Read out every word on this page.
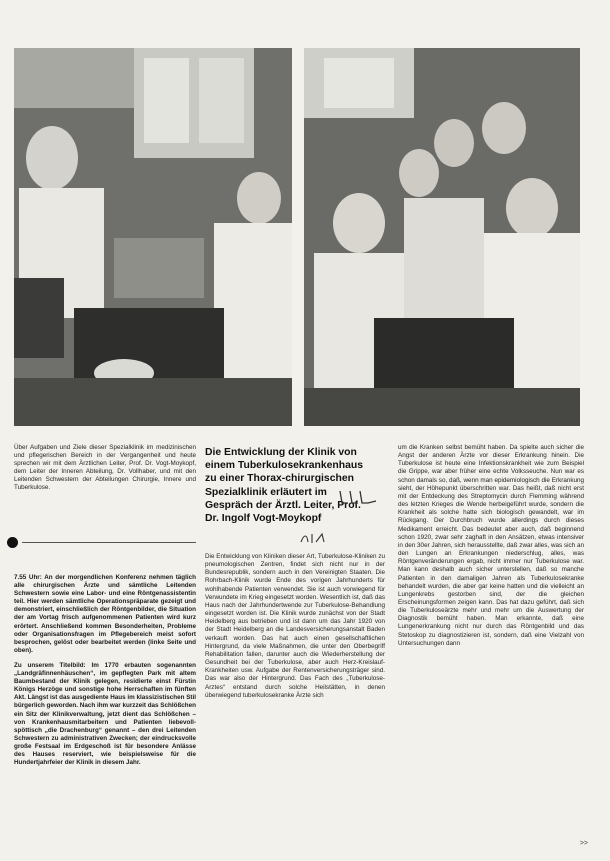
Über Aufgaben und Ziele dieser Spezialklinik im medizinischen und pflegerischen Bereich in der Vergangenheit und heute sprechen wir mit dem Ärztlichen Leiter, Prof. Dr. Vogt-Moykopf, dem Leiter der Inneren Abteilung, Dr. Vollhaber, und mit den Leitenden Schwestern der Abteilungen Chirurgie, Innere und Tuberkulose.

7.55 Uhr: An der morgendlichen Konferenz nehmen täglich alle chirurgischen Ärzte und sämtliche Leitenden Schwestern sowie eine Labor- und eine Röntgenassistentin teil. Hier werden sämtliche Operationspräparate gezeigt und demonstriert, einschließlich der Röntgenbilder, die Situation der am Vortag frisch aufgenommenen Patienten wird kurz erörtert. Anschließend kommen Besonderheiten, Probleme oder Organisationsfragen im Pflegebereich meist sofort besprochen, gelöst oder bearbeitet werden (linke Seite und oben).

Zu unserem Titelbild: Im 1770 erbauten sogenannten „Landgräfinnenhäuschen“, im gepflegten Park mit altem Baumbestand der Klinik gelegen, residierte einst Fürstin Königs Herzöge und sonstige hohe Herrschaften im fünften Akt. Längst ist das ausgediente Haus im klassizistischen Stil bürgerlich geworden. Nach ihm war kurzzeit das Schlößchen ein Sitz der Klinikverwaltung, jetzt dient das Schlößchen – von Krankenhausmitarbeitern und Patienten liebevoll-spöttisch „die Drachenburg“ genannt – den drei Leitenden Schwestern zu administrativen Zwecken; der eindrucksvolle große Festsaal im Erdgeschoß ist für besondere Anlässe des Hauses reserviert, wie beispielsweise für die Hundertjahrfeier der Klinik in diesem Jahr.

Die Entwicklung der Klinik von einem Tuberkulosekrankenhaus zu einer Thorax-chirurgischen Spezialklinik erläutert im Gespräch der Ärztl. Leiter, Prof. Dr. Ingolf Vogt-Moykopf
Die Entwicklung von Kliniken dieser Art, Tuberkulose-Kliniken zu pneumologischen Zentren, findet sich nicht nur in der Bundesrepublik, sondern auch in den Vereinigten Staaten. Die Rohrbach-Klinik wurde Ende des vorigen Jahrhunderts für wohlhabende Patienten verwendet. Sie ist auch vorwiegend für Verwundete im Krieg eingesetzt worden. Wesentlich ist, daß das Haus nach der Jahrhundertwende zur Tuberkulose-Behandlung eingesetzt worden ist. Die Klinik wurde zunächst von der Stadt Heidelberg aus betrieben und ist dann um das Jahr 1920 von der Stadt Heidelberg an die Landesversicherungsanstalt Baden verkauft worden. Das hat auch einen gesellschaftlichen Hintergrund, da viele Maßnahmen, die unter den Oberbegriff Rehabilitation fallen, darunter auch die Wiederherstellung der Gesundheit bei der Tuberkulose, aber auch Herz-Kreislauf-Krankheiten usw. Aufgabe der Rentenversicherungsträger sind. Das war also der Hintergrund. Das Fach des „Tuberkulose-Arztes“ entstand durch solche Heilstätten, in denen überwiegend tuberkulosekranke Ärzte sich

um die Kranken selbst bemüht haben. Da spielte auch sicher die Angst der anderen Ärzte vor dieser Erkrankung hinein. Die Tuberkulose ist heute eine Infektionskrankheit wie zum Beispiel die Grippe, war aber früher eine echte Volksseuche. Nun war es schon damals so, daß, wenn man epidemiologisch die Erkrankung sieht, der Höhepunkt überschritten war. Das heißt, daß nicht erst mit der Entdeckung des Streptomycin durch Flemming während des letzten Krieges die Wende herbeigeführt wurde, sondern die Krankheit als solche hatte sich biologisch gewandelt, war im Rückgang. Der Durchbruch wurde allerdings durch dieses Medikament erreicht. Das bedeutet aber auch, daß beginnend schon 1920, zwar sehr zaghaft in den Ansätzen, etwas intensiver in den 30er Jahren, sich herausstellte, daß zwar alles, was sich an den Lungen an Erkrankungen niederschlug, alles, was Röntgenveränderungen ergab, nicht immer nur Tuberkulose war. Man kann deshalb auch sicher unterstellen, daß so manche Patienten in den damaligen Jahren als Tuberkulosekranke behandelt wurden, die aber gar keine hatten und die vielleicht an Lungenkrebs gestorben sind, der die gleichen Erscheinungsformen zeigen kann. Das hat dazu geführt, daß sich die Tuberkuloseärzte mehr und mehr um die Auswertung der Diagnostik bemüht haben. Man erkannte, daß eine Lungenerkrankung nicht nur durch das Röntgenbild und das Stetoskop zu diagnostizieren ist, sondern, daß eine Vielzahl von Untersuchungen dann

>>
